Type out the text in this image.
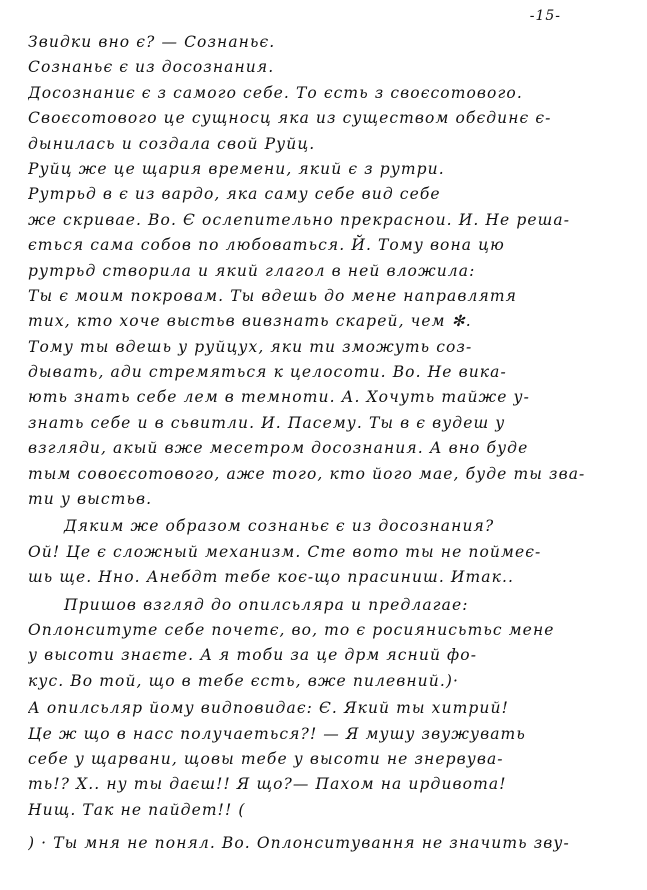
-15-
Звидки вно є? — Сознаньє.
Сознаньє є из досознания.
Досознаниє є з самого себе. То єсть з своєсотового.
Своєсотового це сущносц яка из существом обєдинє є-
дынилась и создала свой Руйц.
Руйц же це щария времени, який є з рутри.
Рутрьд в є из вардо, яка саму себе вид себе
же скривае. Во. Є ослепительно прекраснои. И. Не реша-
ється сама собов по любоваться. Й. Тому вона цю
рутрьд створила и який глагол в ней вложила:
Ты є моим покровам. Ты вдешь до мене направлятя
тих, кто хоче выстьв вивзнать скарей, чем ✻.
Тому ты вдешь у руйцух, яки ти зможуть соз-
дывать, ади стремяться к целосоти. Во. Не вика-
ють знать себе лем в темноти. А. Хочуть тайже у-
знать себе и в сьвитли. И. Пасему. Ты в є вудеш у
взгляди, акый вже месетром досознания. А вно буде
тым совоєсотового, аже того, кто його мае, буде ты зва-
ти у выстьв.
Дяким же образом сознаньє є из досознания?
Ой! Це є сложный механизм. Сте вото ты не поймеє-
шь ще. Нно. Анебдт тебе коє-що прасиниш. Итак..
Пришов взгляд до опилсьляра и предлагае:
Оплонситуте себе почетє, во, то є росиянисьтьс мене
у высоти знаєте. А я тоби за це дрм ясний фо-
кус. Во той, що в тебе єсть, вже пилевний.)·
А опилсьляр йому видповидає: Є. Який ты хитрий!
Це ж що в насс получаеться?! — Я мушу звужувать
себе у щарвани, щовы тебе у высоти не знервува-
ть!? Х.. ну ты даєш!! Я що?— Пахом на ирдивота!
Нищ. Так не пайдет!! (
) · Ты мня не понял. Во. Оплонситування не значить зву-
